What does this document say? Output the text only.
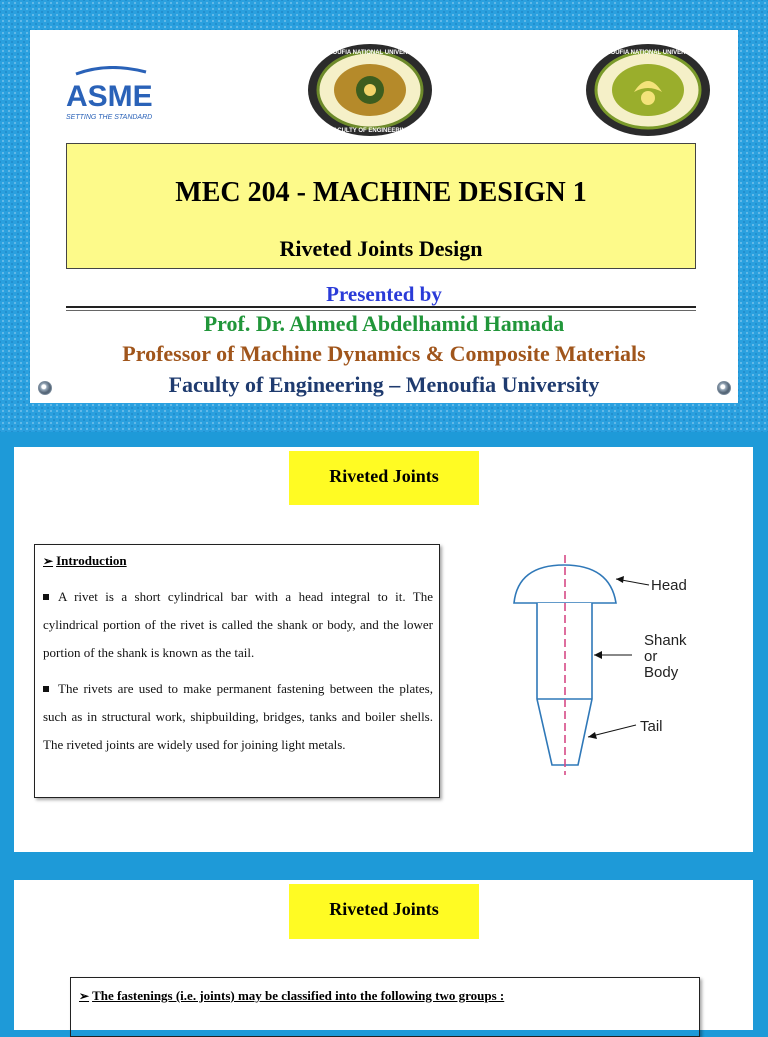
ASME
SETTING THE STANDARD
MENOUFIA NATIONAL UNIVERSITY
FACULTY OF ENGINEERING
MENOUFIA NATIONAL UNIVERSITY
MEC 204 - MACHINE DESIGN 1
Riveted Joints Design
Presented by
Prof. Dr. Ahmed Abdelhamid Hamada
Professor of Machine Dynamics & Composite Materials
Faculty of Engineering – Menoufia University
Riveted Joints
➢ Introduction
A rivet is a short cylindrical bar with a head integral to it. The cylindrical portion of the rivet is called the shank or body, and the lower portion of the shank is known as the tail.
The rivets are used to make permanent fastening between the plates, such as in structural work, shipbuilding, bridges, tanks and boiler shells. The riveted joints are widely used for joining light metals.
Head
Shank
or
Body
Tail
Riveted Joints
➢ The fastenings (i.e. joints) may be classified into the following two groups :
